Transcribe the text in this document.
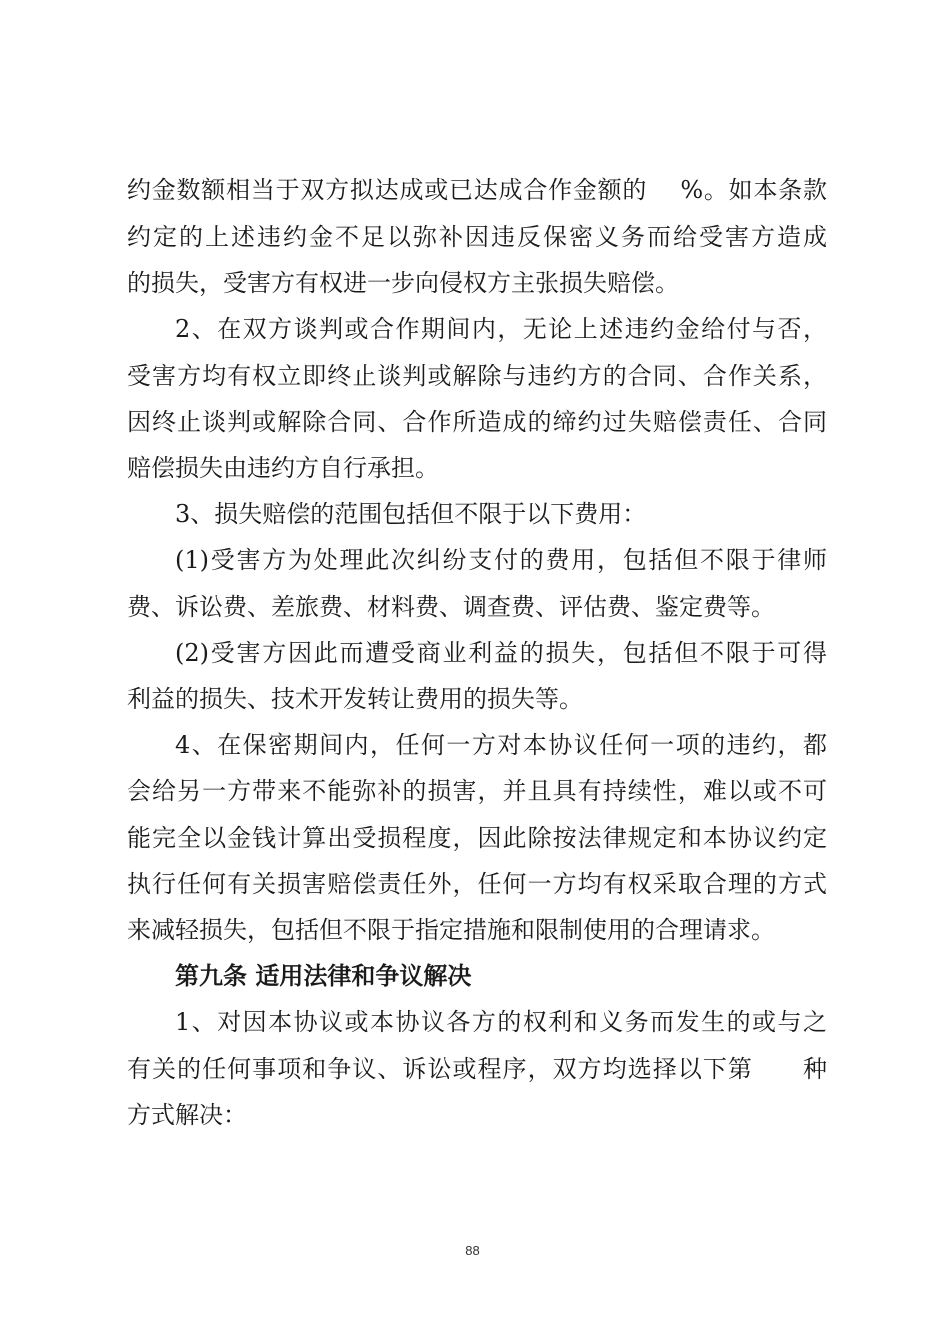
约金数额相当于双方拟达成或已达成合作金额的　 %。如本条款
约定的上述违约金不足以弥补因违反保密义务而给受害方造成
的损失，受害方有权进一步向侵权方主张损失赔偿。
2、在双方谈判或合作期间内，无论上述违约金给付与否，
受害方均有权立即终止谈判或解除与违约方的合同、合作关系，
因终止谈判或解除合同、合作所造成的缔约过失赔偿责任、合同
赔偿损失由违约方自行承担。
3、损失赔偿的范围包括但不限于以下费用：
(1)受害方为处理此次纠纷支付的费用，包括但不限于律师
费、诉讼费、差旅费、材料费、调查费、评估费、鉴定费等。
(2)受害方因此而遭受商业利益的损失，包括但不限于可得
利益的损失、技术开发转让费用的损失等。
4、在保密期间内，任何一方对本协议任何一项的违约，都
会给另一方带来不能弥补的损害，并且具有持续性，难以或不可
能完全以金钱计算出受损程度，因此除按法律规定和本协议约定
执行任何有关损害赔偿责任外，任何一方均有权采取合理的方式
来减轻损失，包括但不限于指定措施和限制使用的合理请求。
第九条 适用法律和争议解决
1、对因本协议或本协议各方的权利和义务而发生的或与之
有关的任何事项和争议、诉讼或程序，双方均选择以下第　　种
方式解决：
88
